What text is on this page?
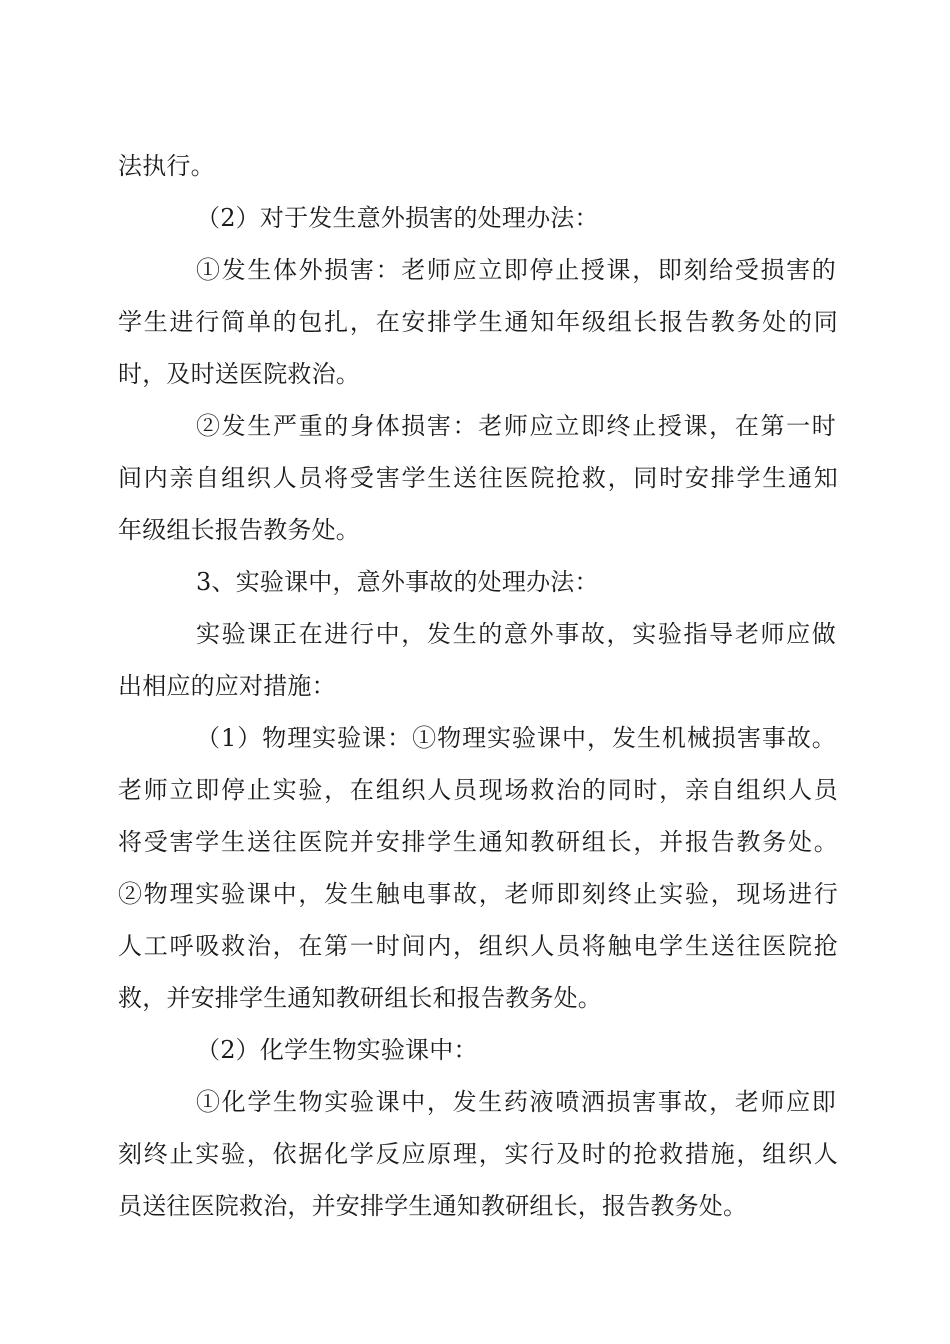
法执行。
（2）对于发生意外损害的处理办法：
①发生体外损害：老师应立即停止授课，即刻给受损害的
学生进行简单的包扎，在安排学生通知年级组长报告教务处的同
时，及时送医院救治。
②发生严重的身体损害：老师应立即终止授课，在第一时
间内亲自组织人员将受害学生送往医院抢救，同时安排学生通知
年级组长报告教务处。
3、实验课中，意外事故的处理办法：
实验课正在进行中，发生的意外事故，实验指导老师应做
出相应的应对措施：
（1）物理实验课：①物理实验课中，发生机械损害事故。
老师立即停止实验，在组织人员现场救治的同时，亲自组织人员
将受害学生送往医院并安排学生通知教研组长，并报告教务处。
②物理实验课中，发生触电事故，老师即刻终止实验，现场进行
人工呼吸救治，在第一时间内，组织人员将触电学生送往医院抢
救，并安排学生通知教研组长和报告教务处。
（2）化学生物实验课中：
①化学生物实验课中，发生药液喷洒损害事故，老师应即
刻终止实验，依据化学反应原理，实行及时的抢救措施，组织人
员送往医院救治，并安排学生通知教研组长，报告教务处。
